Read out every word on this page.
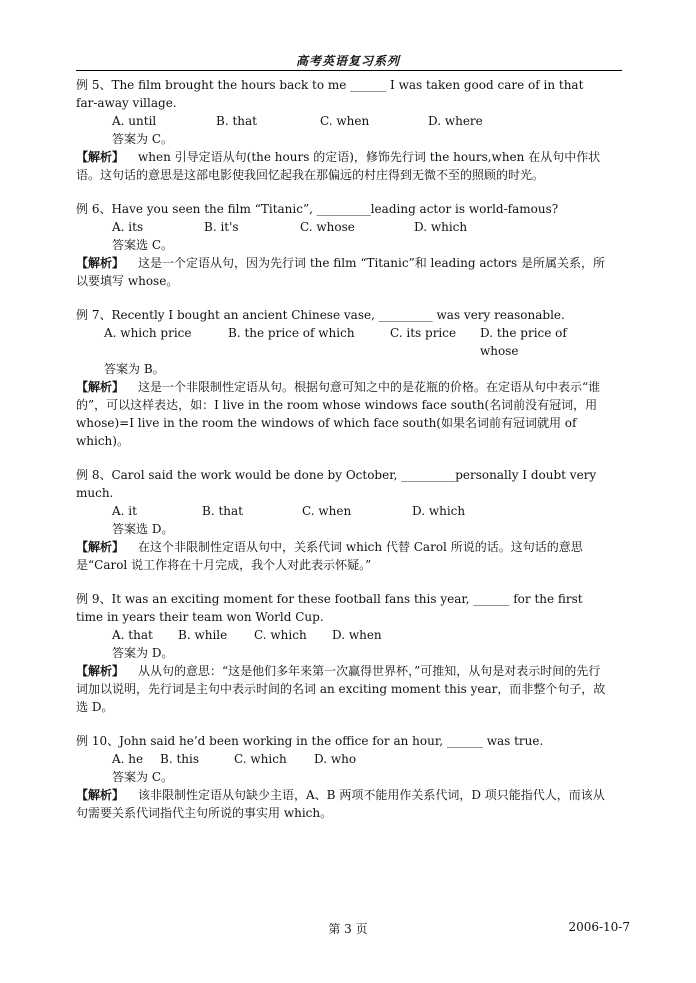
高考英语复习系列

例 5、The film brought the hours back to me ______ I was taken good care of in that far-away village.

A. until	B. that	C. when	D. where

答案为 C。

【解析】 when 引导定语从句(the hours 的定语)，修饰先行词 the hours,when 在从句中作状语。这句话的意思是这部电影使我回忆起我在那偏远的村庄得到无微不至的照顾的时光。

例 6、Have you seen the film “Titanic”, _________leading actor is world-famous?

A. its	B. it's	C. whose	D. which

答案选 C。

【解析】 这是一个定语从句，因为先行词 the film “Titanic”和 leading actors 是所属关系，所以要填写 whose。

例 7、Recently I bought an ancient Chinese vase, _________ was very reasonable.

A. which price	B. the price of which	C. its price	D. the price of whose

答案为 B。

【解析】 这是一个非限制性定语从句。根据句意可知之中的是花瓶的价格。在定语从句中表示“谁的”，可以这样表达，如：I live in the room whose windows face south(名词前没有冠词，用 whose)=I live in the room the windows of which face south(如果名词前有冠词就用 of which)。

例 8、Carol said the work would be done by October, _________personally I doubt very much.

A. it	B. that	C. when	D. which

答案选 D。

【解析】 在这个非限制性定语从句中，关系代词 which 代替 Carol 所说的话。这句话的意思是“Carol 说工作将在十月完成，我个人对此表示怀疑。”

例 9、It was an exciting moment for these football fans this year, ______ for the first time in years their team won World Cup.

A. that	B. while	C. which	D. when

答案为 D。

【解析】 从从句的意思：“这是他们多年来第一次赢得世界杯，”可推知，从句是对表示时间的先行词加以说明，先行词是主句中表示时间的名词 an exciting moment this year，而非整个句子，故选 D。

例 10、John said he’d been working in the office for an hour, ______ was true.

A. he	B. this	C. which	D. who

答案为 C。

【解析】 该非限制性定语从句缺少主语，A、B 两项不能用作关系代词，D 项只能指代人，而该从句需要关系代词指代主句所说的事实用 which。

第 3 页	2006-10-7
